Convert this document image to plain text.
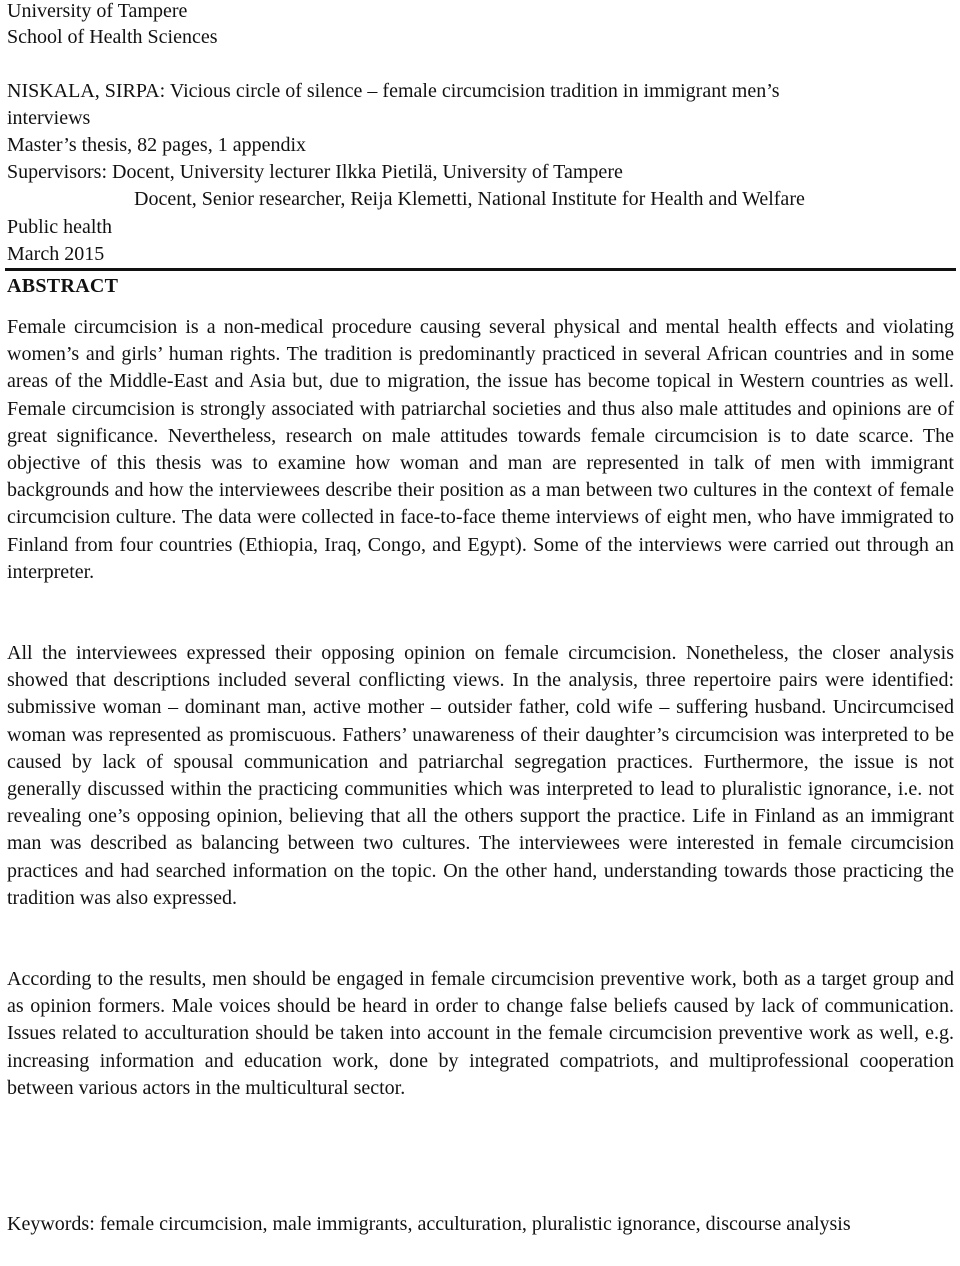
University of Tampere

School of Health Sciences

NISKALA, SIRPA: Vicious circle of silence – female circumcision tradition in immigrant men’s

interviews

Master’s thesis, 82 pages, 1 appendix

Supervisors: Docent, University lecturer Ilkka Pietilä, University of Tampere

Docent, Senior researcher, Reija Klemetti, National Institute for Health and Welfare

Public health

March 2015

ABSTRACT

Female circumcision is a non-medical procedure causing several physical and mental health effects and violating women’s and girls’ human rights. The tradition is predominantly practiced in several African countries and in some areas of the Middle-East and Asia but, due to migration, the issue has become topical in Western countries as well. Female circumcision is strongly associated with patriarchal societies and thus also male attitudes and opinions are of great significance. Nevertheless, research on male attitudes towards female circumcision is to date scarce. The objective of this thesis was to examine how woman and man are represented in talk of men with immigrant backgrounds and how the interviewees describe their position as a man between two cultures in the context of female circumcision culture. The data were collected in face-to-face theme interviews of eight men, who have immigrated to Finland from four countries (Ethiopia, Iraq, Congo, and Egypt). Some of the interviews were carried out through an interpreter.

All the interviewees expressed their opposing opinion on female circumcision. Nonetheless, the closer analysis showed that descriptions included several conflicting views. In the analysis, three repertoire pairs were identified: submissive woman – dominant man, active mother – outsider father, cold wife – suffering husband. Uncircumcised woman was represented as promiscuous. Fathers’ unawareness of their daughter’s circumcision was interpreted to be caused by lack of spousal communication and patriarchal segregation practices. Furthermore, the issue is not generally discussed within the practicing communities which was interpreted to lead to pluralistic ignorance, i.e. not revealing one’s opposing opinion, believing that all the others support the practice. Life in Finland as an immigrant man was described as balancing between two cultures. The interviewees were interested in female circumcision practices and had searched information on the topic. On the other hand, understanding towards those practicing the tradition was also expressed.

According to the results, men should be engaged in female circumcision preventive work, both as a target group and as opinion formers. Male voices should be heard in order to change false beliefs caused by lack of communication. Issues related to acculturation should be taken into account in the female circumcision preventive work as well, e.g. increasing information and education work, done by integrated compatriots, and multiprofessional cooperation between various actors in the multicultural sector.

Keywords: female circumcision, male immigrants, acculturation, pluralistic ignorance, discourse analysis
